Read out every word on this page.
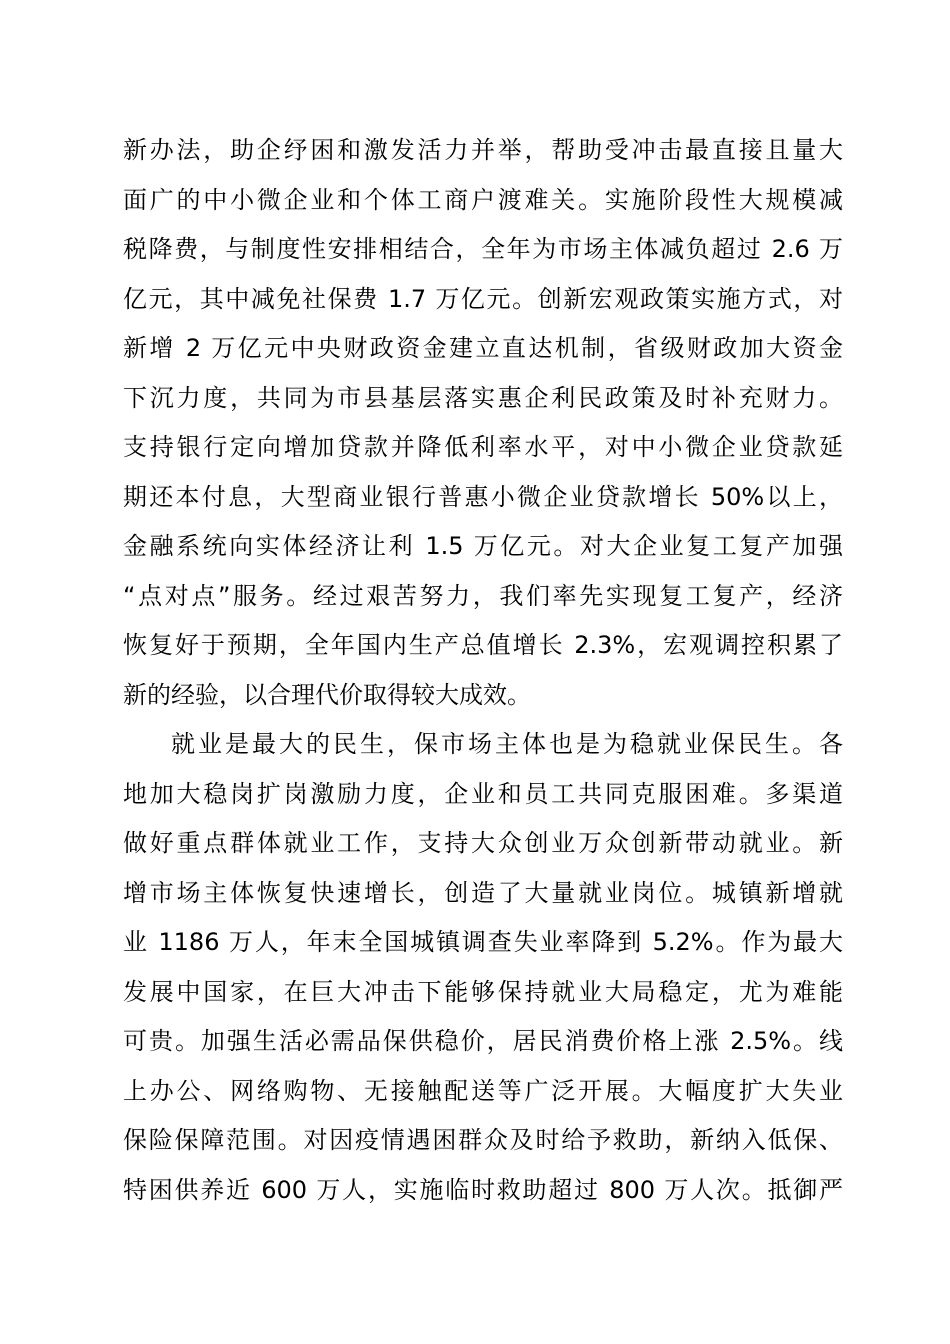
新办法，助企纾困和激发活力并举，帮助受冲击最直接且量大
面广的中小微企业和个体工商户渡难关。实施阶段性大规模减
税降费，与制度性安排相结合，全年为市场主体减负超过 2.6 万
亿元，其中减免社保费 1.7 万亿元。创新宏观政策实施方式，对
新增 2 万亿元中央财政资金建立直达机制，省级财政加大资金
下沉力度，共同为市县基层落实惠企利民政策及时补充财力。
支持银行定向增加贷款并降低利率水平，对中小微企业贷款延
期还本付息，大型商业银行普惠小微企业贷款增长 50%以上，
金融系统向实体经济让利 1.5 万亿元。对大企业复工复产加强
“点对点”服务。经过艰苦努力，我们率先实现复工复产，经济
恢复好于预期，全年国内生产总值增长 2.3%，宏观调控积累了
新的经验，以合理代价取得较大成效。
就业是最大的民生，保市场主体也是为稳就业保民生。各
地加大稳岗扩岗激励力度，企业和员工共同克服困难。多渠道
做好重点群体就业工作，支持大众创业万众创新带动就业。新
增市场主体恢复快速增长，创造了大量就业岗位。城镇新增就
业 1186 万人，年末全国城镇调查失业率降到 5.2%。作为最大
发展中国家，在巨大冲击下能够保持就业大局稳定，尤为难能
可贵。加强生活必需品保供稳价，居民消费价格上涨 2.5%。线
上办公、网络购物、无接触配送等广泛开展。大幅度扩大失业
保险保障范围。对因疫情遇困群众及时给予救助，新纳入低保、
特困供养近 600 万人，实施临时救助超过 800 万人次。抵御严
